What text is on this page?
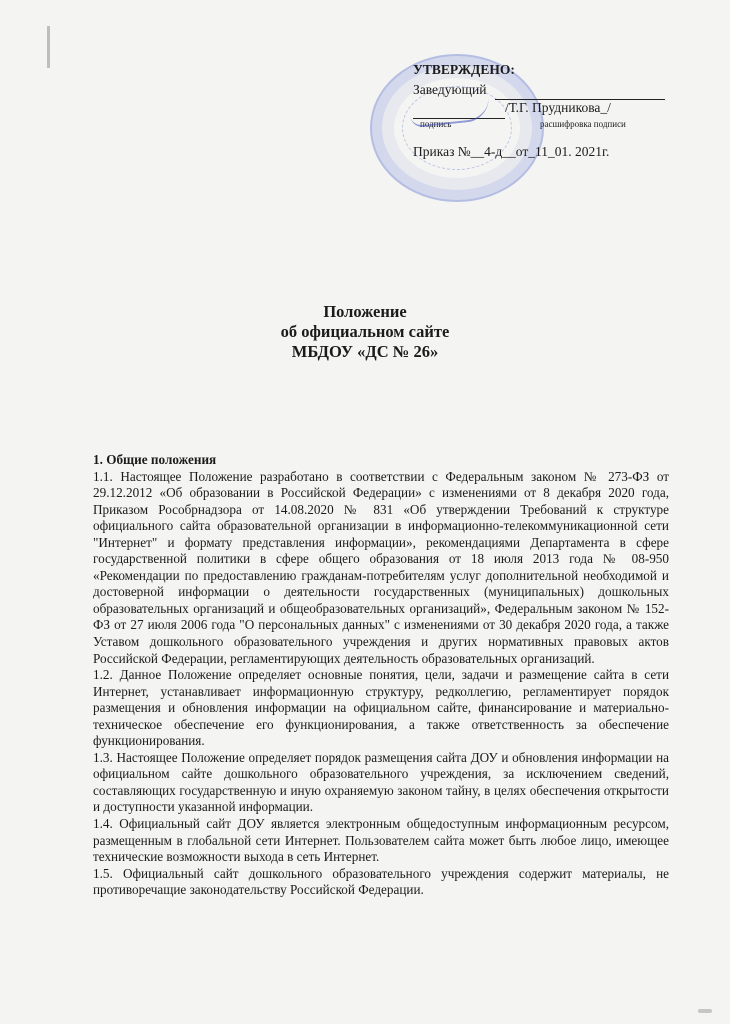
УТВЕРЖДЕНО:
Заведующий
/Т.Г. Прудникова_/
подпись	расшифровка подписи
Приказ №__4-д__от_11_01. 2021г.
Положение
об официальном сайте
МБДОУ «ДС № 26»

1. Общие положения

1.1. Настоящее Положение разработано в соответствии с Федеральным законом № 273-ФЗ от 29.12.2012 «Об образовании в Российской Федерации» с изменениями от 8 декабря 2020 года, Приказом Рособрнадзора от 14.08.2020 № 831 «Об утверждении Требований к структуре официального сайта образовательной организации в информационно-телекоммуникационной сети "Интернет" и формату представления информации», рекомендациями Департамента в сфере государственной политики в сфере общего образования от 18 июля 2013 года № 08-950 «Рекомендации по предоставлению гражданам-потребителям услуг дополнительной необходимой и достоверной информации о деятельности государственных (муниципальных) дошкольных образовательных организаций и общеобразовательных организаций», Федеральным законом № 152-ФЗ от 27 июля 2006 года "О персональных данных" с изменениями от 30 декабря 2020 года, а также Уставом дошкольного образовательного учреждения и других нормативных правовых актов Российской Федерации, регламентирующих деятельность образовательных организаций.

1.2. Данное Положение определяет основные понятия, цели, задачи и размещение сайта в сети Интернет, устанавливает информационную структуру, редколлегию, регламентирует порядок размещения и обновления информации на официальном сайте, финансирование и материально-техническое обеспечение его функционирования, а также ответственность за обеспечение функционирования.

1.3. Настоящее Положение определяет порядок размещения сайта ДОУ и обновления информации на официальном сайте дошкольного образовательного учреждения, за исключением сведений, составляющих государственную и иную охраняемую законом тайну, в целях обеспечения открытости и доступности указанной информации.

1.4. Официальный сайт ДОУ является электронным общедоступным информационным ресурсом, размещенным в глобальной сети Интернет. Пользователем сайта может быть любое лицо, имеющее технические возможности выхода в сеть Интернет.

1.5. Официальный сайт дошкольного образовательного учреждения содержит материалы, не противоречащие законодательству Российской Федерации.
